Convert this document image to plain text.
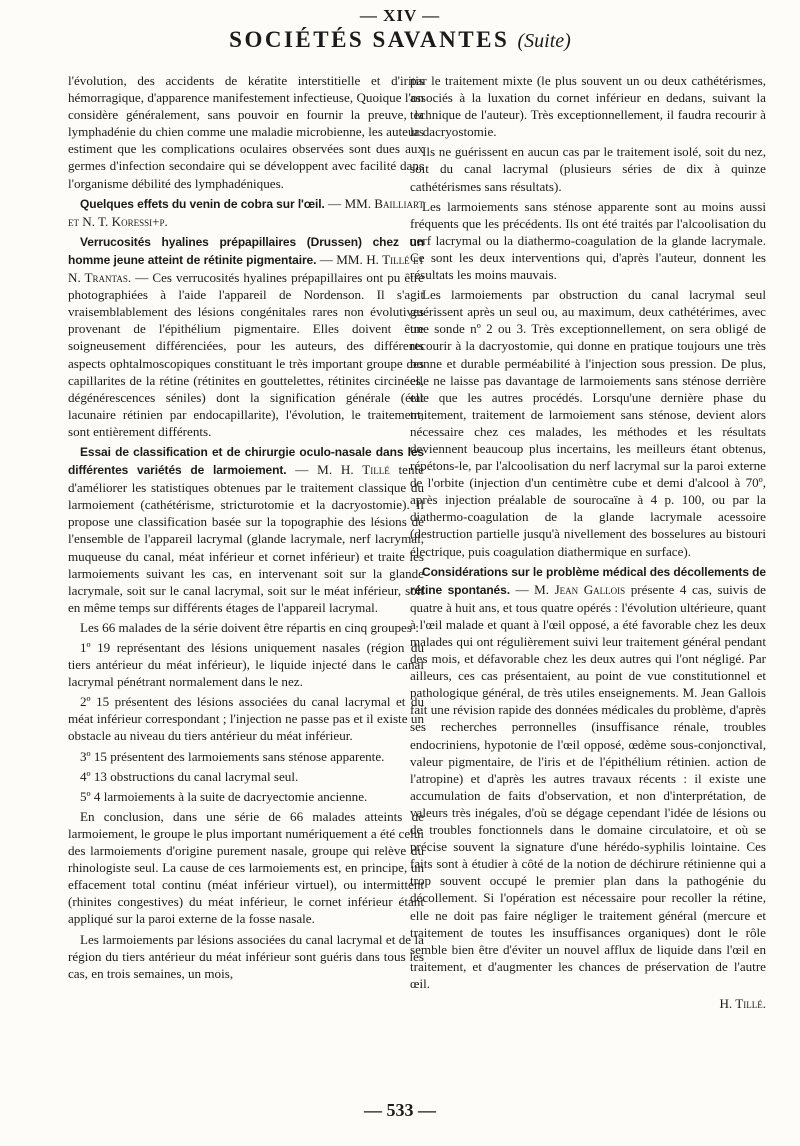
— XIV —
SOCIÉTÉS SAVANTES (Suite)

l'évolution, des accidents de kératite interstitielle et d'iritis hémorragique, d'apparence manifestement infectieuse, Quoique l'on considère généralement, sans pouvoir en fournir la preuve, la lymphadénie du chien comme une maladie microbienne, les auteurs estiment que les complications oculaires observées sont dues aux germes d'infection secondaire qui se développent avec facilité dans l'organisme débilité des lymphadéniques.

Quelques effets du venin de cobra sur l'œil. — MM. Bailliart et N. T. Koressi+p.

Verrucosités hyalines prépapillaires (Drussen) chez un homme jeune atteint de rétinite pigmentaire. — MM. H. Tillé et N. Trantas. — Ces verrucosités hyalines prépapillaires ont pu être photographiées à l'aide l'appareil de Nordenson. Il s'agit vraisemblablement des lésions congénitales rares non évolutives provenant de l'épithélium pigmentaire. Elles doivent être soigneusement différenciées, pour les auteurs, des différents aspects ophtalmoscopiques constituant le très important groupe des capillarites de la rétine (rétinites en gouttelettes, rétinites circinées, dégénérescences séniles) dont la signification générale (état lacunaire rétinien par endocapillarite), l'évolution, le traitement, sont entièrement différents.

Essai de classification et de chirurgie oculo-nasale dans les différentes variétés de larmoiement. — M. H. Tillé tente d'améliorer les statistiques obtenues par le traitement classique du larmoiement (cathétérisme, stricturotomie et la dacryostomie). Il propose une classification basée sur la topographie des lésions de l'ensemble de l'appareil lacrymal (glande lacrymale, nerf lacrymal, muqueuse du canal, méat inférieur et cornet inférieur) et traite les larmoiements suivant les cas, en intervenant soit sur la glande lacrymale, soit sur le canal lacrymal, soit sur le méat inférieur, soit en même temps sur différents étages de l'appareil lacrymal.

Les 66 malades de la série doivent être répartis en cinq groupes :

1º 19 représentant des lésions uniquement nasales (région du tiers antérieur du méat inférieur), le liquide injecté dans le canal lacrymal pénétrant normalement dans le nez.

2º 15 présentent des lésions associées du canal lacrymal et du méat inférieur correspondant ; l'injection ne passe pas et il existe un obstacle au niveau du tiers antérieur du méat inférieur.

3º 15 présentent des larmoiements sans sténose apparente.

4º 13 obstructions du canal lacrymal seul.

5º 4 larmoiements à la suite de dacryectomie ancienne.

En conclusion, dans une série de 66 malades atteints de larmoiement, le groupe le plus important numériquement a été celui des larmoiements d'origine purement nasale, groupe qui relève du rhinologiste seul. La cause de ces larmoiements est, en principe, un effacement total continu (méat inférieur virtuel), ou intermittent (rhinites congestives) du méat inférieur, le cornet inférieur étant appliqué sur la paroi externe de la fosse nasale.

Les larmoiements par lésions associées du canal lacrymal et de la région du tiers antérieur du méat inférieur sont guéris dans tous les cas, en trois semaines, un mois,

par le traitement mixte (le plus souvent un ou deux cathétérismes, associés à la luxation du cornet inférieur en dedans, suivant la technique de l'auteur). Très exceptionnellement, il faudra recourir à la dacryostomie.

Ils ne guérissent en aucun cas par le traitement isolé, soit du nez, soit du canal lacrymal (plusieurs séries de dix à quinze cathétérismes sans résultats).

Les larmoiements sans sténose apparente sont au moins aussi fréquents que les précédents. Ils ont été traités par l'alcoolisation du nerf lacrymal ou la diathermo-coagulation de la glande lacrymale. Ce sont les deux interventions qui, d'après l'auteur, donnent les résultats les moins mauvais.

Les larmoiements par obstruction du canal lacrymal seul guérissent après un seul ou, au maximum, deux cathétérimes, avec une sonde nº 2 ou 3. Très exceptionnellement, on sera obligé de recourir à la dacryostomie, qui donne en pratique toujours une très bonne et durable perméabilité à l'injection sous pression. De plus, elle ne laisse pas davantage de larmoiements sans sténose derrière elle que les autres procédés. Lorsqu'une dernière phase du traitement, traitement de larmoiement sans sténose, devient alors nécessaire chez ces malades, les méthodes et les résultats deviennent beaucoup plus incertains, les meilleurs étant obtenus, répétons-le, par l'alcoolisation du nerf lacrymal sur la paroi externe de l'orbite (injection d'un centimètre cube et demi d'alcool à 70º, après injection préalable de sourocaïne à 4 p. 100, ou par la diathermo-coagulation de la glande lacrymale acessoire (destruction partielle jusqu'à nivellement des bosselures au bistouri électrique, puis coagulation diathermique en surface).

Considérations sur le problème médical des décollements de rétine spontanés. — M. Jean Gallois présente 4 cas, suivis de quatre à huit ans, et tous quatre opérés : l'évolution ultérieure, quant à l'œil malade et quant à l'œil opposé, a été favorable chez les deux malades qui ont régulièrement suivi leur traitement général pendant des mois, et défavorable chez les deux autres qui l'ont négligé. Par ailleurs, ces cas présentaient, au point de vue constitutionnel et pathologique général, de très utiles enseignements. M. Jean Gallois fait une révision rapide des données médicales du problème, d'après ses recherches perronnelles (insuffisance rénale, troubles endocriniens, hypotonie de l'œil opposé, œdème sous-conjonctival, valeur pigmentaire, de l'iris et de l'épithélium rétinien. action de l'atropine) et d'après les autres travaux récents : il existe une accumulation de faits d'observation, et non d'interprétation, de valeurs très inégales, d'où se dégage cependant l'idée de lésions ou de troubles fonctionnels dans le domaine circulatoire, et où se précise souvent la signature d'une hérédo-syphilis lointaine. Ces faits sont à étudier à côté de la notion de déchirure rétinienne qui a trop souvent occupé le premier plan dans la pathogénie du décollement. Si l'opération est nécessaire pour recoller la rétine, elle ne doit pas faire négliger le traitement général (mercure et traitement de toutes les insuffisances organiques) dont le rôle semble bien être d'éviter un nouvel afflux de liquide dans l'œil en traitement, et d'augmenter les chances de préservation de l'autre œil.

H. Tillé.

— 533 —
